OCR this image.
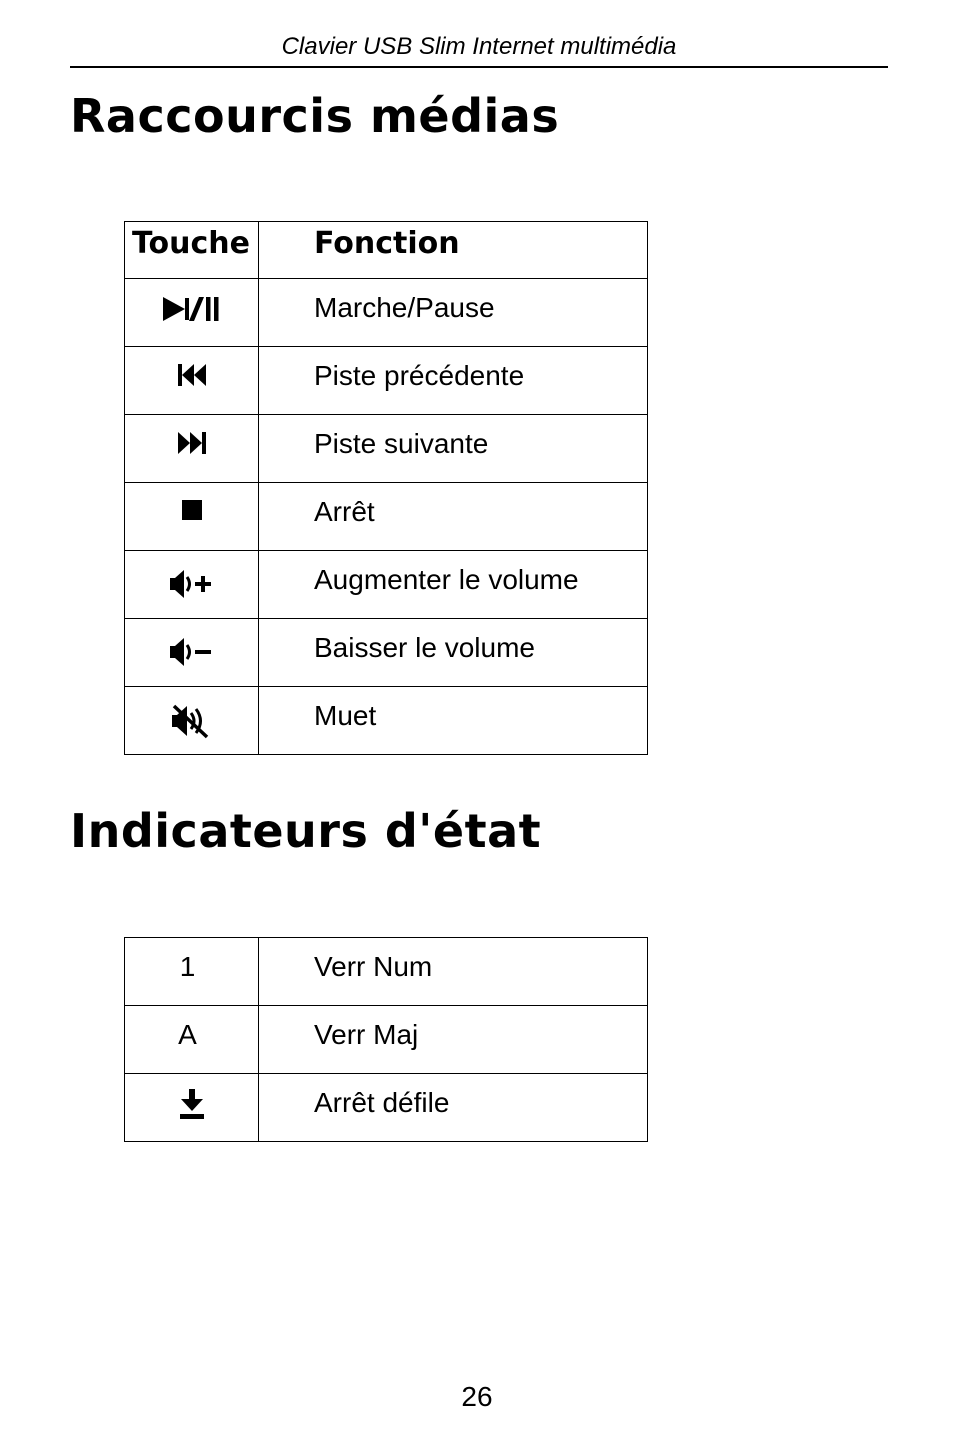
Clavier USB Slim Internet multimédia
Raccourcis médias
Touche	Fonction

	Marche/Pause

	Piste précédente

	Piste suivante

	Arrêt

	Augmenter le volume

	Baisser le volume

	Muet
Indicateurs d'état
1	Verr Num
A	Verr Maj

	Arrêt défile
26
